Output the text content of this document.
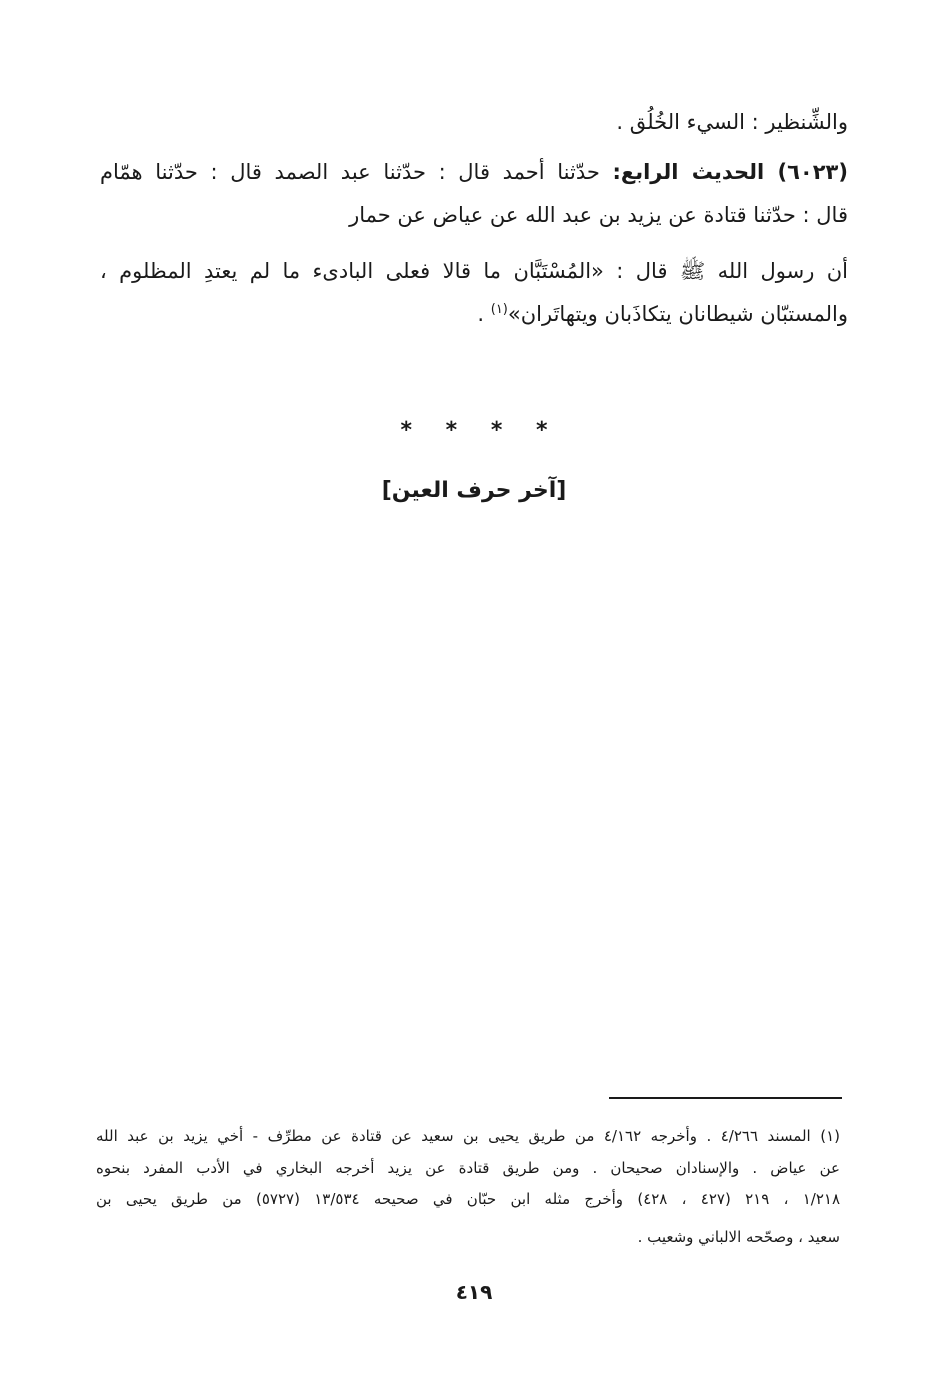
والشِّنظير : السيء الخُلُق .
(٦٠٢٣) الحديث الرابع: حدّثنا أحمد قال : حدّثنا عبد الصمد قال : حدّثنا همّام
قال : حدّثنا قتادة عن يزيد بن عبد الله عن عياض عن حمار
أن رسول الله ﷺ قال : «المُسْتَبَّان ما قالا فعلى البادىء ما لم يعتدِ المظلوم ،
والمستبّان شيطانان يتكاذَبان ويتهاتَران»$^{(١)}$ .
* * * *
[آخر حرف العين]
(١) المسند ٤/٢٦٦ . وأخرجه ٤/١٦٢ من طريق يحيى بن سعيد عن قتادة عن مطرِّف - أخي يزيد بن عبد الله
عن عياض . والإسنادان صحيحان . ومن طريق قتادة عن يزيد أخرجه البخاري في الأدب المفرد بنحوه
١/٢١٨ ، ٢١٩ (٤٢٧ ، ٤٢٨) وأخرج مثله ابن حبّان في صحيحه ١٣/٥٣٤ (٥٧٢٧) من طريق يحيى بن
سعيد ، وصحّحه الالباني وشعيب .
٤١٩
